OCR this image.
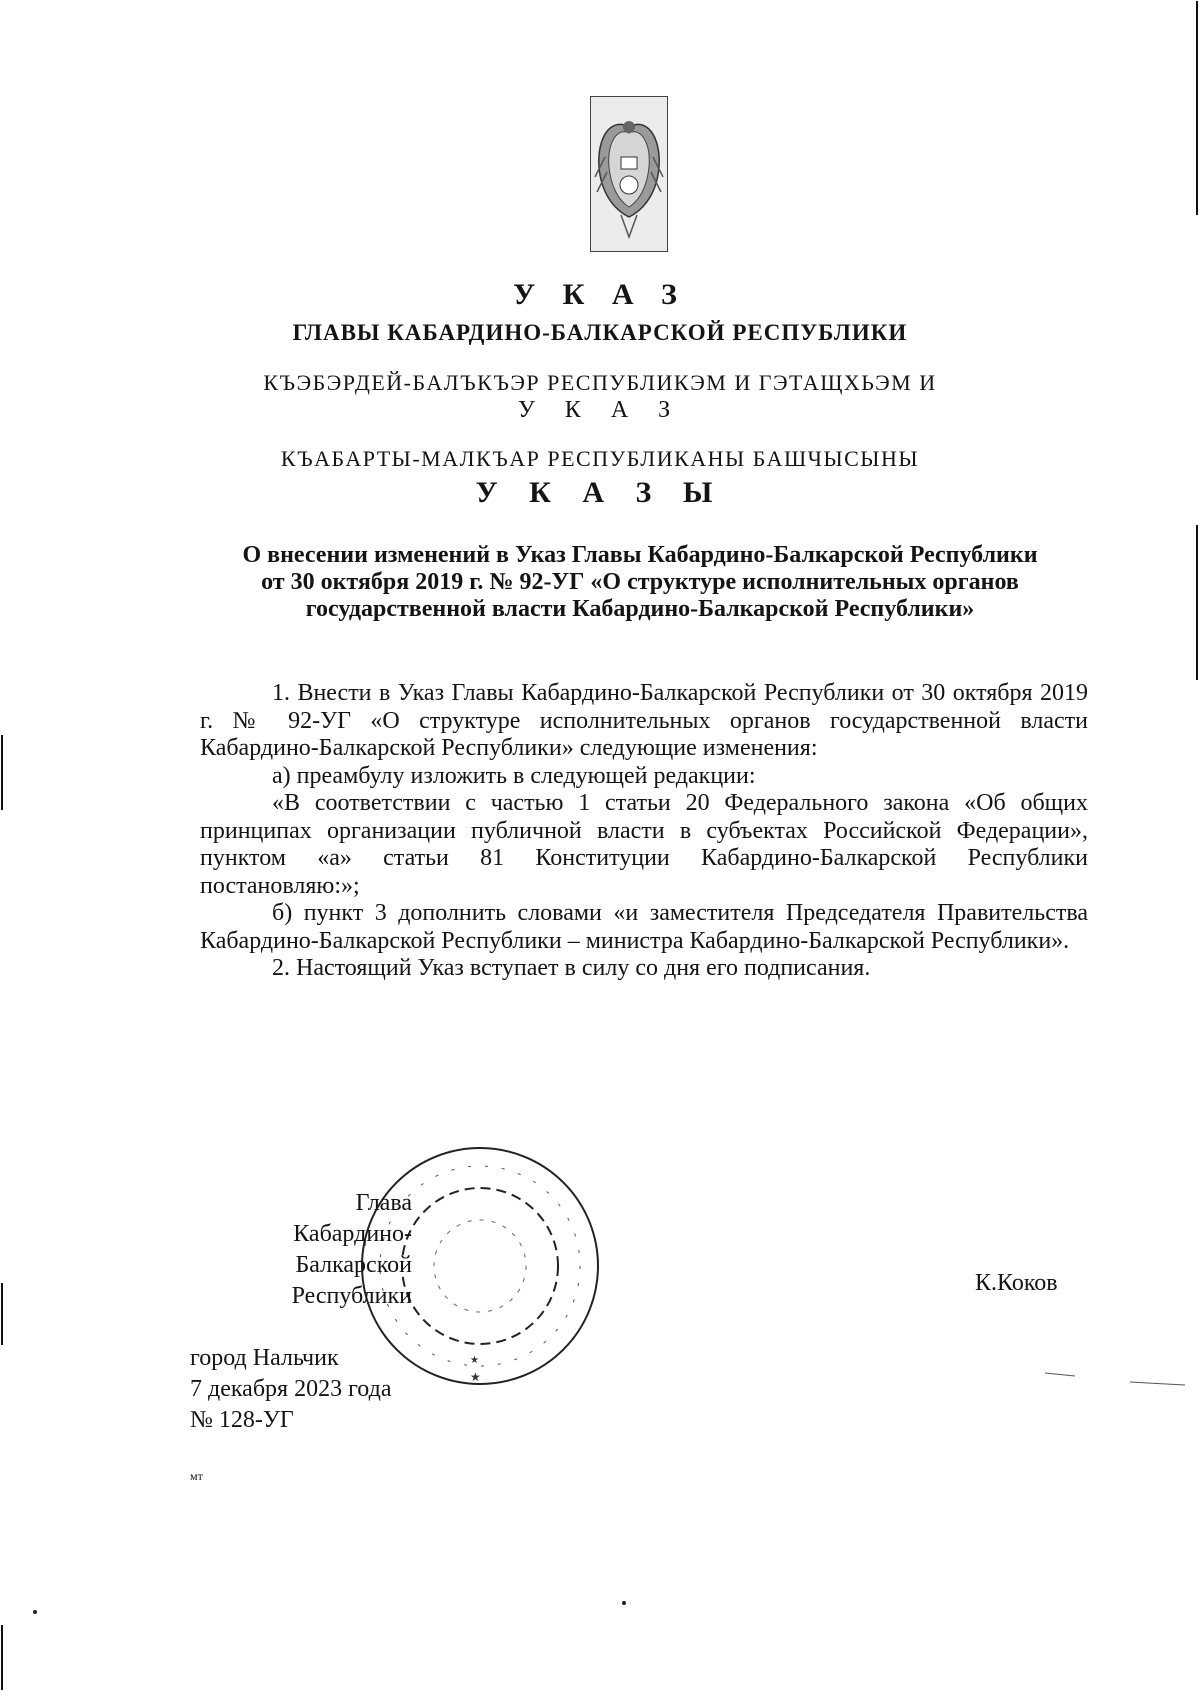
У К А З
ГЛАВЫ КАБАРДИНО-БАЛКАРСКОЙ РЕСПУБЛИКИ
КЪЭБЭРДЕЙ-БАЛЪКЪЭР РЕСПУБЛИКЭМ И ГЭТАЩХЬЭМ И
У К А З
КЪАБАРТЫ-МАЛКЪАР РЕСПУБЛИКАНЫ БАШЧЫСЫНЫ
У К А З Ы
О внесении изменений в Указ Главы Кабардино-Балкарской Республики от 30 октября 2019 г. № 92-УГ «О структуре исполнительных органов государственной власти Кабардино-Балкарской Республики»

1. Внести в Указ Главы Кабардино-Балкарской Республики от 30 октября 2019 г. № 92-УГ «О структуре исполнительных органов государственной власти Кабардино-Балкарской Республики» следующие изменения:

а) преамбулу изложить в следующей редакции:

«В соответствии с частью 1 статьи 20 Федерального закона «Об общих принципах организации публичной власти в субъектах Российской Федерации», пунктом «а» статьи 81 Конституции Кабардино-Балкарской Республики постановляю:»;

б) пункт 3 дополнить словами «и заместителя Председателя Правительства Кабардино-Балкарской Республики – министра Кабардино-Балкарской Республики».

2. Настоящий Указ вступает в силу со дня его подписания.

★
★
Глава
Кабардино-Балкарской
Республики	К.Коков
город Нальчик
7 декабря 2023 года
№ 128-УГ
мт
